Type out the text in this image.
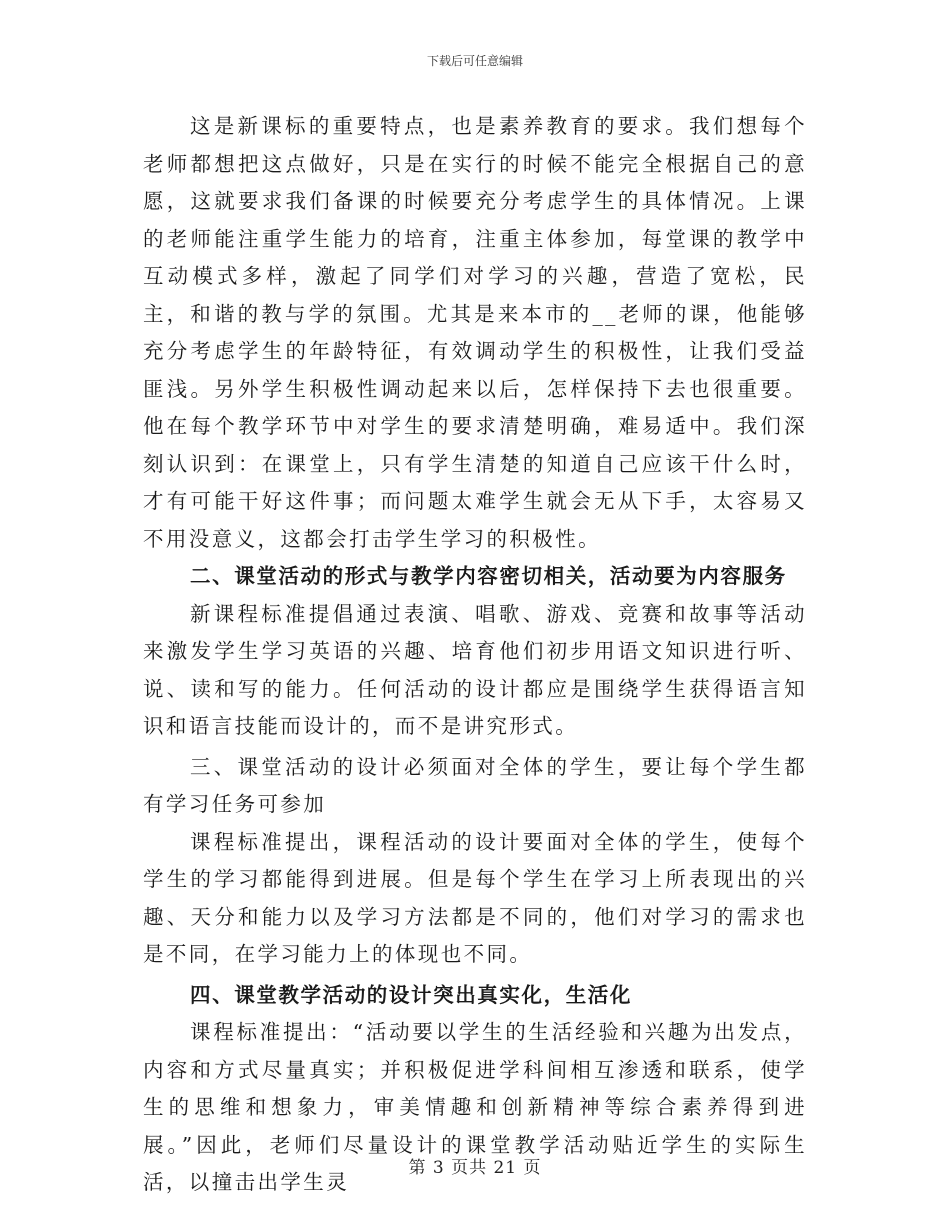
下载后可任意编辑

这是新课标的重要特点，也是素养教育的要求。我们想每个老师都想把这点做好，只是在实行的时候不能完全根据自己的意愿，这就要求我们备课的时候要充分考虑学生的具体情况。上课的老师能注重学生能力的培育，注重主体参加，每堂课的教学中互动模式多样，激起了同学们对学习的兴趣，营造了宽松，民主，和谐的教与学的氛围。尤其是来本市的__老师的课，他能够充分考虑学生的年龄特征，有效调动学生的积极性，让我们受益匪浅。另外学生积极性调动起来以后，怎样保持下去也很重要。他在每个教学环节中对学生的要求清楚明确，难易适中。我们深刻认识到：在课堂上，只有学生清楚的知道自己应该干什么时，才有可能干好这件事；而问题太难学生就会无从下手，太容易又不用没意义，这都会打击学生学习的积极性。

二、课堂活动的形式与教学内容密切相关，活动要为内容服务

新课程标准提倡通过表演、唱歌、游戏、竞赛和故事等活动来激发学生学习英语的兴趣、培育他们初步用语文知识进行听、说、读和写的能力。任何活动的设计都应是围绕学生获得语言知识和语言技能而设计的，而不是讲究形式。

三、课堂活动的设计必须面对全体的学生，要让每个学生都有学习任务可参加

课程标准提出，课程活动的设计要面对全体的学生，使每个学生的学习都能得到进展。但是每个学生在学习上所表现出的兴趣、天分和能力以及学习方法都是不同的，他们对学习的需求也是不同，在学习能力上的体现也不同。

四、课堂教学活动的设计突出真实化，生活化

课程标准提出：“活动要以学生的生活经验和兴趣为出发点，内容和方式尽量真实；并积极促进学科间相互渗透和联系，使学生的思维和想象力，审美情趣和创新精神等综合素养得到进展。”因此，老师们尽量设计的课堂教学活动贴近学生的实际生活，以撞击出学生灵

第 3 页共 21 页
